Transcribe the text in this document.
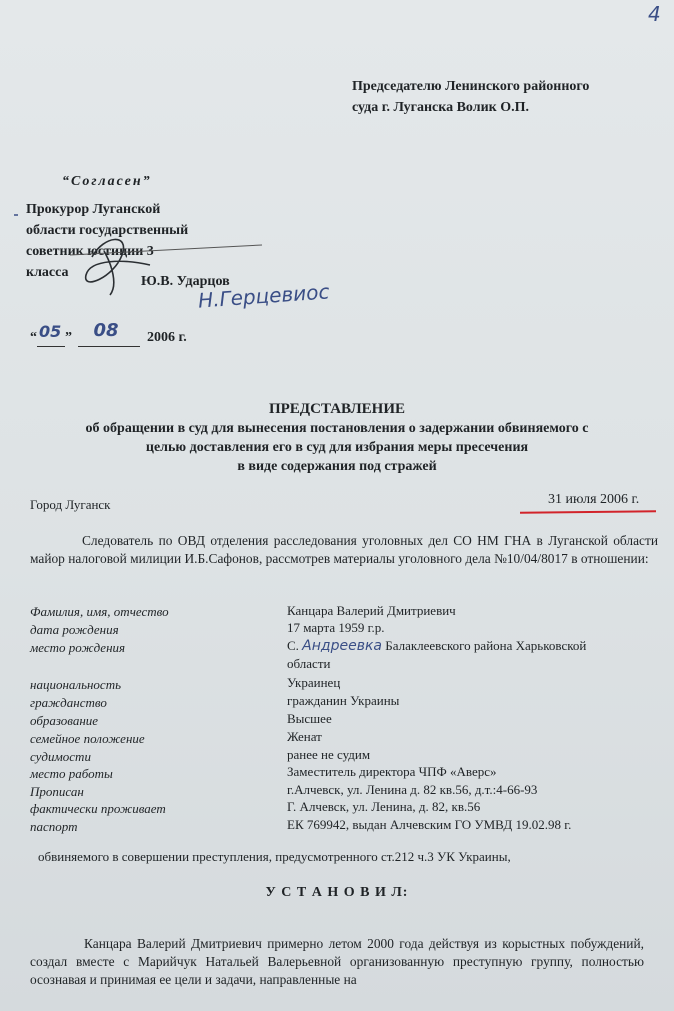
4
Председателю Ленинского районного
суда г. Луганска Волик О.П.
“Согласен”
Прокурор Луганской
области государственный
советник юстиции 3
класса
Ю.В. Ударцов
Н.Герцевиос
“ 05 ” 08 2006 г.
ПРЕДСТАВЛЕНИЕ
об обращении в суд для вынесения постановления о задержании обвиняемого с
целью доставления его в суд для избрания меры пресечения
в виде содержания под стражей
Город Луганск	31 июля 2006 г.
Следователь по ОВД отделения расследования уголовных дел СО НМ ГНА в Луганской области майор налоговой милиции И.Б.Сафонов, рассмотрев материалы уголовного дела №10/04/8017 в отношении:
Фамилия, имя, отчество	Канцара Валерий Дмитриевич
дата рождения	17 марта 1959 г.р.
место рождения	С. Андреевка Балаклеевского района Харьковской
области
национальность	Украинец
гражданство	гражданин Украины
образование	Высшее
семейное положение	Женат
судимости	ранее не судим
место работы	Заместитель директора ЧПФ «Аверс»
Прописан	г.Алчевск, ул. Ленина д. 82 кв.56, д.т.:4-66-93
фактически проживает	Г. Алчевск, ул. Ленина, д. 82, кв.56
паспорт	ЕК 769942, выдан Алчевским ГО УМВД 19.02.98 г.
обвиняемого в совершении преступления, предусмотренного ст.212 ч.3 УК Украины,
У С Т А Н О В И Л:
Канцара Валерий Дмитриевич примерно летом 2000 года действуя из корыстных побуждений, создал вместе с Марийчук Натальей Валерьевной организованную преступную группу, полностью осознавая и принимая ее цели и задачи, направленные на
